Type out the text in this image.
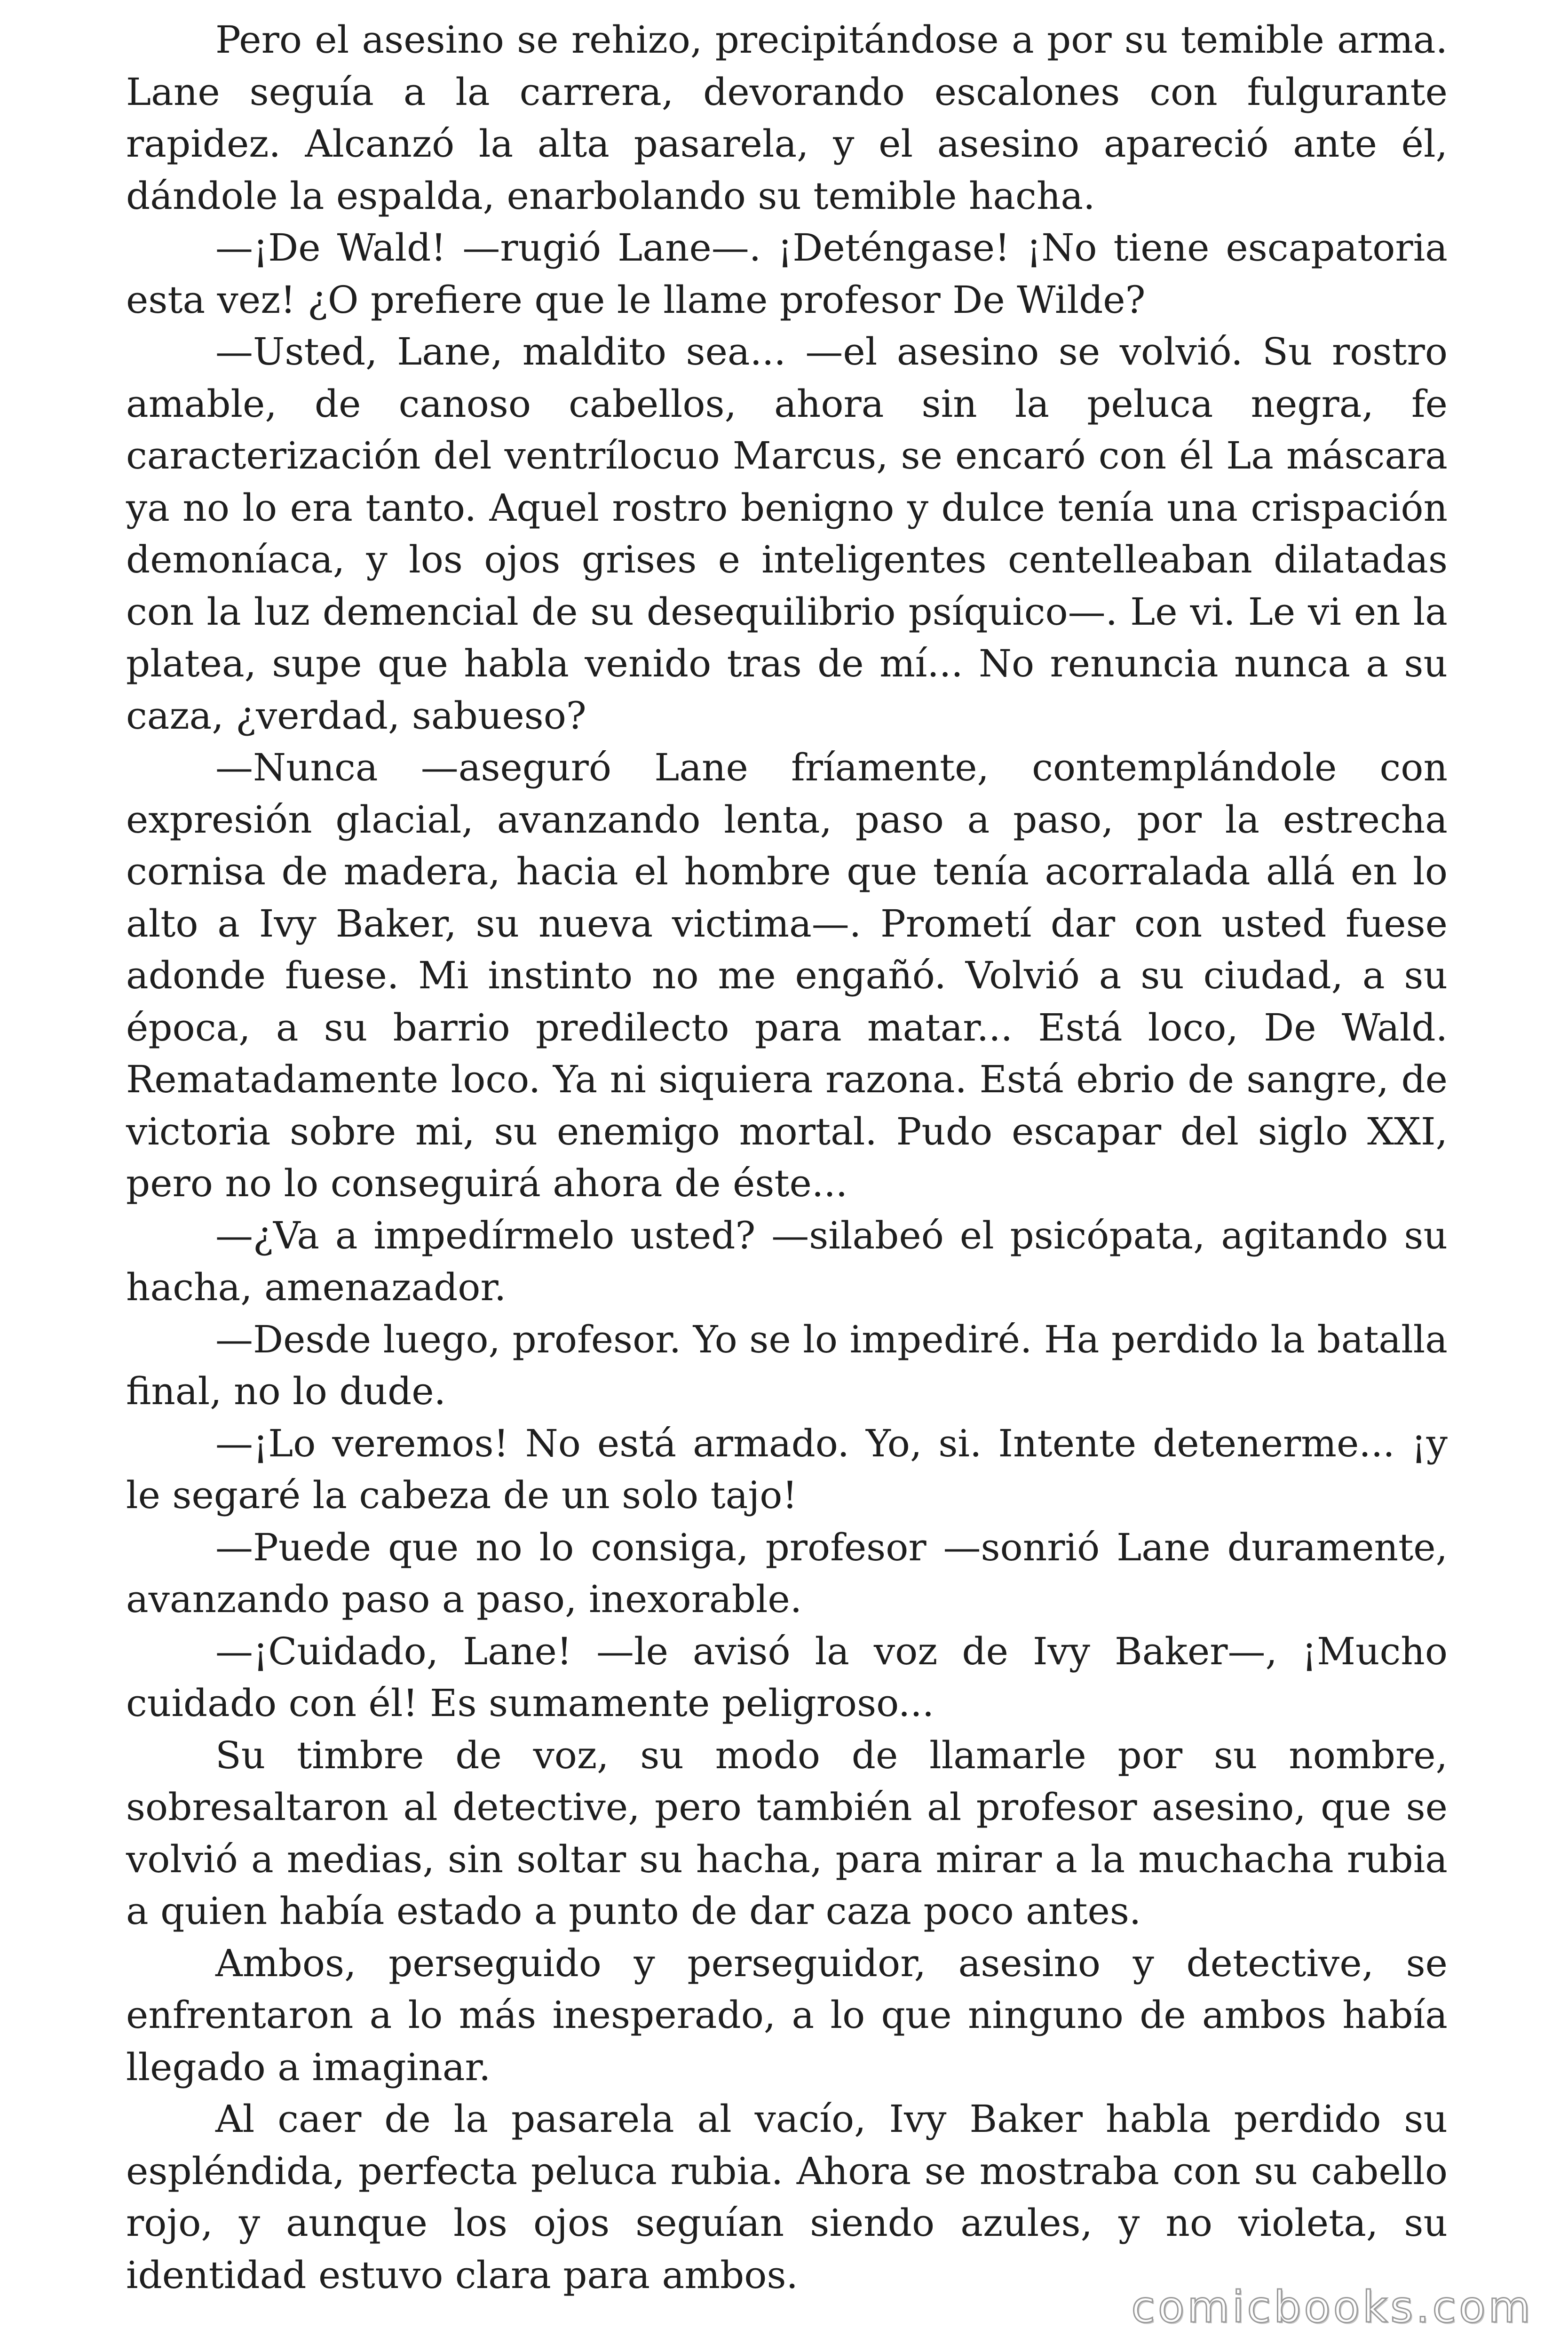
Pero el asesino se rehizo, precipitándose a por su temible arma. Lane seguía a la carrera, devorando escalones con fulgurante rapidez. Alcanzó la alta pasarela, y el asesino apareció ante él, dándole la espalda, enarbolando su temible hacha.

—¡De Wald! —rugió Lane—. ¡Deténgase! ¡No tiene escapatoria esta vez! ¿O prefiere que le llame profesor De Wilde?

—Usted, Lane, maldito sea... —el asesino se volvió. Su rostro amable, de canoso cabellos, ahora sin la peluca negra, fe caracterización del ventrílocuo Marcus, se encaró con él La máscara ya no lo era tanto. Aquel rostro benigno y dulce tenía una crispación demoníaca, y los ojos grises e inteligentes centelleaban dilatadas con la luz demencial de su desequilibrio psíquico—. Le vi. Le vi en la platea, supe que habla venido tras de mí... No renuncia nunca a su caza, ¿verdad, sabueso?

—Nunca —aseguró Lane fríamente, contemplándole con expresión glacial, avanzando lenta, paso a paso, por la estrecha cornisa de madera, hacia el hombre que tenía acorralada allá en lo alto a Ivy Baker, su nueva victima—. Prometí dar con usted fuese adonde fuese. Mi instinto no me engañó. Volvió a su ciudad, a su época, a su barrio predilecto para matar... Está loco, De Wald. Rematadamente loco. Ya ni siquiera razona. Está ebrio de sangre, de victoria sobre mi, su enemigo mortal. Pudo escapar del siglo XXI, pero no lo conseguirá ahora de éste...

—¿Va a impedírmelo usted? —silabeó el psicópata, agitando su hacha, amenazador.

—Desde luego, profesor. Yo se lo impediré. Ha perdido la batalla final, no lo dude.

—¡Lo veremos! No está armado. Yo, si. Intente detenerme... ¡y le segaré la cabeza de un solo tajo!

—Puede que no lo consiga, profesor —sonrió Lane duramente, avanzando paso a paso, inexorable.

—¡Cuidado, Lane! —le avisó la voz de Ivy Baker—, ¡Mucho cuidado con él! Es sumamente peligroso...

Su timbre de voz, su modo de llamarle por su nombre, sobresaltaron al detective, pero también al profesor asesino, que se volvió a medias, sin soltar su hacha, para mirar a la muchacha rubia a quien había estado a punto de dar caza poco antes.

Ambos, perseguido y perseguidor, asesino y detective, se enfrentaron a lo más inesperado, a lo que ninguno de ambos había llegado a imaginar.

Al caer de la pasarela al vacío, Ivy Baker habla perdido su espléndida, perfecta peluca rubia. Ahora se mostraba con su cabello rojo, y aunque los ojos seguían siendo azules, y no violeta, su identidad estuvo clara para ambos.

comicbooks.com
